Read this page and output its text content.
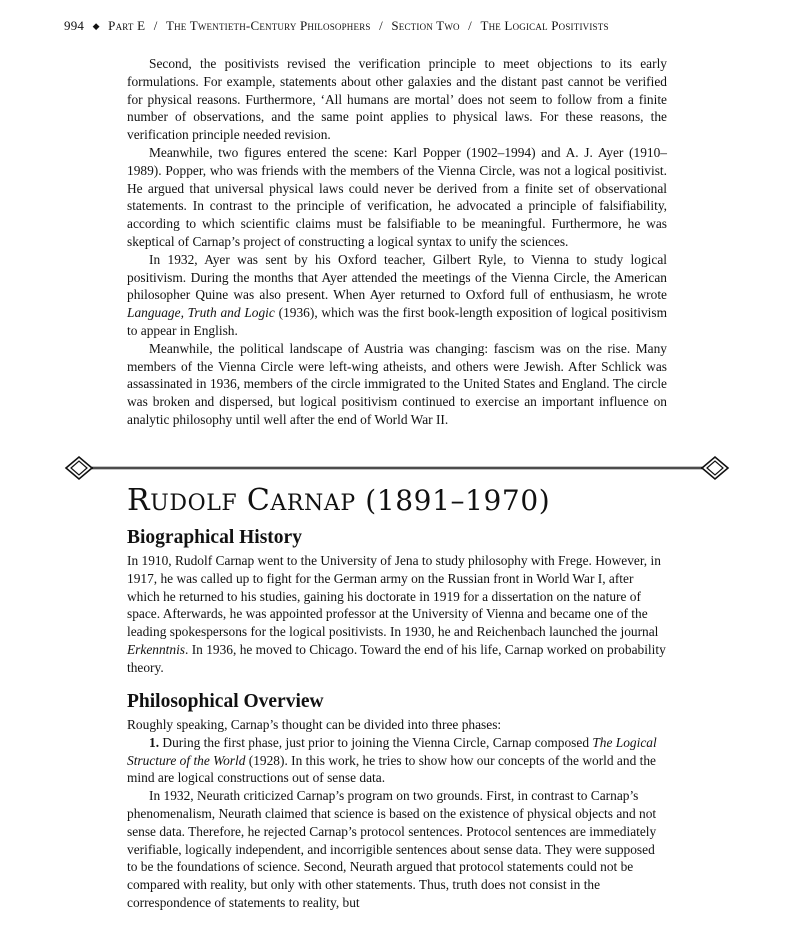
994 ◆ Part E / The Twentieth-Century Philosophers / Section Two / The Logical Positivists

Second, the positivists revised the verification principle to meet objections to its early formulations. For example, statements about other galaxies and the distant past cannot be verified for physical reasons. Furthermore, ‘All humans are mortal’ does not seem to follow from a finite number of observations, and the same point applies to physical laws. For these reasons, the verification principle needed revision.

Meanwhile, two figures entered the scene: Karl Popper (1902–1994) and A. J. Ayer (1910–1989). Popper, who was friends with the members of the Vienna Circle, was not a logical positivist. He argued that universal physical laws could never be derived from a finite set of observational statements. In contrast to the principle of verification, he advocated a principle of falsifiability, according to which scientific claims must be falsifiable to be meaningful. Furthermore, he was skeptical of Carnap’s project of constructing a logical syntax to unify the sciences.

In 1932, Ayer was sent by his Oxford teacher, Gilbert Ryle, to Vienna to study logical positivism. During the months that Ayer attended the meetings of the Vienna Circle, the American philosopher Quine was also present. When Ayer returned to Oxford full of enthusiasm, he wrote Language, Truth and Logic (1936), which was the first book-length exposition of logical positivism to appear in English.

Meanwhile, the political landscape of Austria was changing: fascism was on the rise. Many members of the Vienna Circle were left-wing atheists, and others were Jewish. After Schlick was assassinated in 1936, members of the circle immigrated to the United States and England. The circle was broken and dispersed, but logical positivism continued to exercise an important influence on analytic philosophy until well after the end of World War II.

RUDOLF CARNAP (1891–1970)
Biographical History

In 1910, Rudolf Carnap went to the University of Jena to study philosophy with Frege. However, in 1917, he was called up to fight for the German army on the Russian front in World War I, after which he returned to his studies, gaining his doctorate in 1919 for a dissertation on the nature of space. Afterwards, he was appointed professor at the University of Vienna and became one of the leading spokespersons for the logical positivists. In 1930, he and Reichenbach launched the journal Erkenntnis. In 1936, he moved to Chicago. Toward the end of his life, Carnap worked on probability theory.

Philosophical Overview

Roughly speaking, Carnap’s thought can be divided into three phases:

1. During the first phase, just prior to joining the Vienna Circle, Carnap composed The Logical Structure of the World (1928). In this work, he tries to show how our concepts of the world and the mind are logical constructions out of sense data.

In 1932, Neurath criticized Carnap’s program on two grounds. First, in contrast to Carnap’s phenomenalism, Neurath claimed that science is based on the existence of physical objects and not sense data. Therefore, he rejected Carnap’s protocol sentences. Protocol sentences are immediately verifiable, logically independent, and incorrigible sentences about sense data. They were supposed to be the foundations of science. Second, Neurath argued that protocol statements could not be compared with reality, but only with other statements. Thus, truth does not consist in the correspondence of statements to reality, but
